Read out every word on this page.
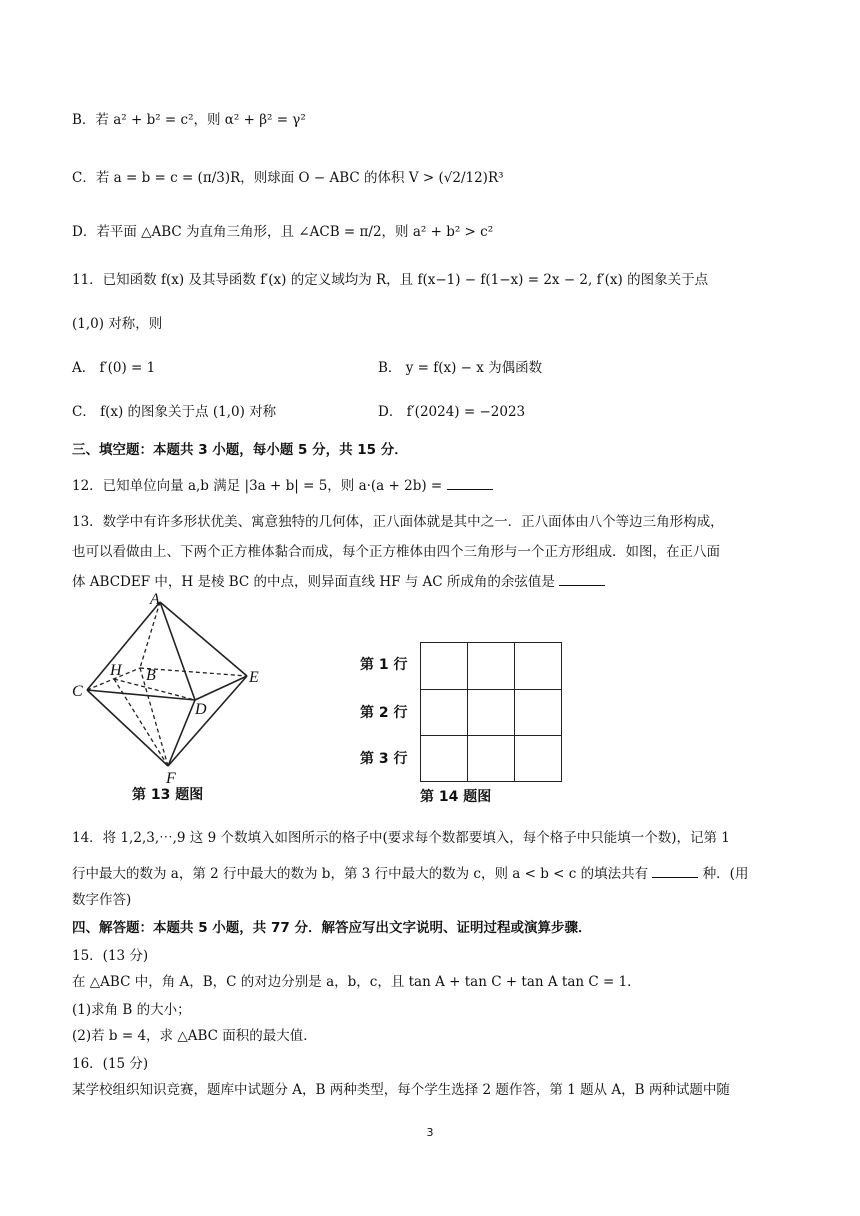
B．若 a² + b² = c²，则 α² + β² = γ²
C．若 a = b = c = (π/3)R，则球面 O − ABC 的体积 V > (√2/12)R³
D．若平面 △ABC 为直角三角形，且 ∠ACB = π/2，则 a² + b² > c²
11．已知函数 f(x) 及其导函数 f′(x) 的定义域均为 R，且 f(x−1) − f(1−x) = 2x − 2, f′(x) 的图象关于点
(1,0) 对称，则
A． f′(0) = 1	B． y = f(x) − x 为偶函数
C． f(x) 的图象关于点 (1,0) 对称	D． f′(2024) = −2023
三、填空题：本题共 3 小题，每小题 5 分，共 15 分．
12．已知单位向量 a,b 满足 |3a + b| = 5，则 a·(a + 2b) =
13．数学中有许多形状优美、寓意独特的几何体，正八面体就是其中之一．正八面体由八个等边三角形构成，
也可以看做由上、下两个正方椎体黏合而成，每个正方椎体由四个三角形与一个正方形组成．如图，在正八面
体 ABCDEF 中，H 是棱 BC 的中点，则异面直线 HF 与 AC 所成角的余弦值是
A
B
C
D
E
F
H
第 13 题图
第 1 行
第 2 行
第 3 行
第 14 题图
14．将 1,2,3,⋯,9 这 9 个数填入如图所示的格子中(要求每个数都要填入，每个格子中只能填一个数)，记第 1
行中最大的数为 a，第 2 行中最大的数为 b，第 3 行中最大的数为 c，则 a < b < c 的填法共有	种．(用
数字作答)
四、解答题：本题共 5 小题，共 77 分．解答应写出文字说明、证明过程或演算步骤．
15．(13 分)
在 △ABC 中，角 A，B，C 的对边分别是 a，b，c，且 tan A + tan C + tan A tan C = 1．
(1)求角 B 的大小；
(2)若 b = 4，求 △ABC 面积的最大值．
16．(15 分)
某学校组织知识竞赛，题库中试题分 A，B 两种类型，每个学生选择 2 题作答，第 1 题从 A，B 两种试题中随
3
